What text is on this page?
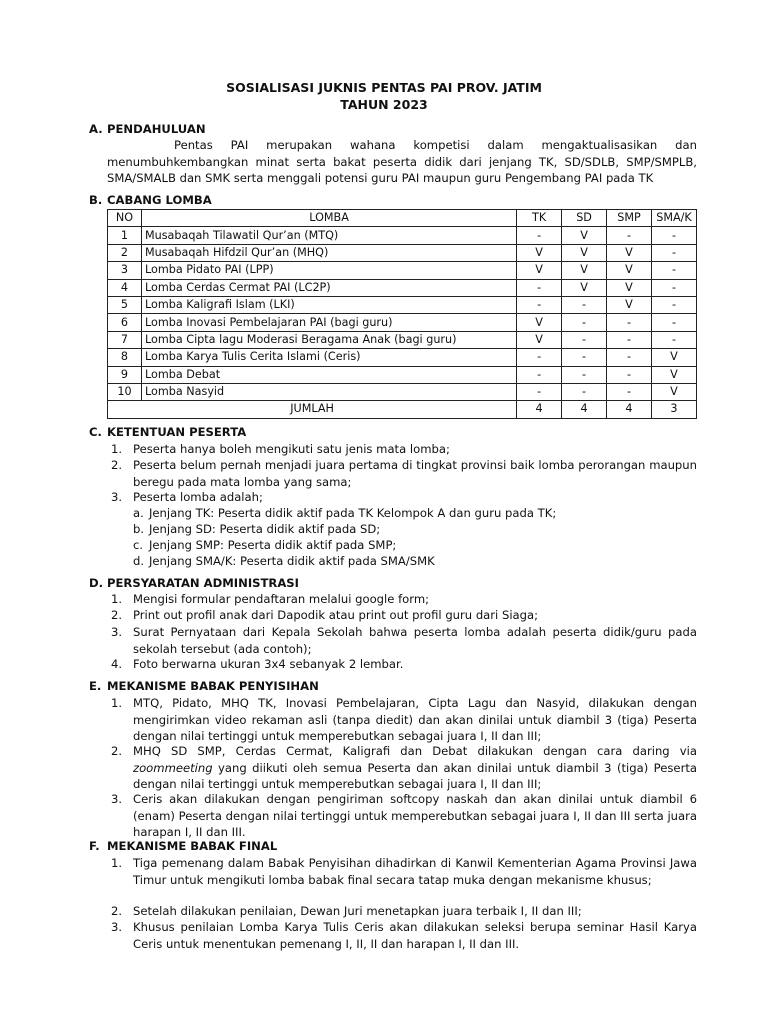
SOSIALISASI JUKNIS PENTAS PAI PROV. JATIM
TAHUN 2023
A. PENDAHULUAN
Pentas PAI merupakan wahana kompetisi dalam mengaktualisasikan dan menumbuhkembangkan minat serta bakat peserta didik dari jenjang TK, SD/SDLB, SMP/SMPLB, SMA/SMALB dan SMK serta menggali potensi guru PAI maupun guru Pengembang PAI pada TK
B. CABANG LOMBA
NO	LOMBA	TK	SD	SMP	SMA/K
1	Musabaqah Tilawatil Qur’an (MTQ)	-	V	-	-
2	Musabaqah Hifdzil Qur’an (MHQ)	V	V	V	-
3	Lomba Pidato PAI (LPP)	V	V	V	-
4	Lomba Cerdas Cermat PAI (LC2P)	-	V	V	-
5	Lomba Kaligrafi Islam (LKI)	-	-	V	-
6	Lomba Inovasi Pembelajaran PAI (bagi guru)	V	-	-	-
7	Lomba Cipta lagu Moderasi Beragama Anak (bagi guru)	V	-	-	-
8	Lomba Karya Tulis Cerita Islami (Ceris)	-	-	-	V
9	Lomba Debat	-	-	-	V
10	Lomba Nasyid	-	-	-	V
JUMLAH		4	4	4	3
C. KETENTUAN PESERTA
1. Peserta hanya boleh mengikuti satu jenis mata lomba;
2. Peserta belum pernah menjadi juara pertama di tingkat provinsi baik lomba perorangan maupun beregu pada mata lomba yang sama;
3. Peserta lomba adalah;
a. Jenjang TK: Peserta didik aktif pada TK Kelompok A dan guru pada TK;
b. Jenjang SD: Peserta didik aktif pada SD;
c. Jenjang SMP: Peserta didik aktif pada SMP;
d. Jenjang SMA/K: Peserta didik aktif pada SMA/SMK
D. PERSYARATAN ADMINISTRASI
1. Mengisi formular pendaftaran melalui google form;
2. Print out profil anak dari Dapodik atau print out profil guru dari Siaga;
3. Surat Pernyataan dari Kepala Sekolah bahwa peserta lomba adalah peserta didik/guru pada sekolah tersebut (ada contoh);
4. Foto berwarna ukuran 3x4 sebanyak 2 lembar.
E. MEKANISME BABAK PENYISIHAN
1. MTQ, Pidato, MHQ TK, Inovasi Pembelajaran, Cipta Lagu dan Nasyid, dilakukan dengan mengirimkan video rekaman asli (tanpa diedit) dan akan dinilai untuk diambil 3 (tiga) Peserta dengan nilai tertinggi untuk memperebutkan sebagai juara I, II dan III;
2. MHQ SD SMP, Cerdas Cermat, Kaligrafi dan Debat dilakukan dengan cara daring via zoommeeting yang diikuti oleh semua Peserta dan akan dinilai untuk diambil 3 (tiga) Peserta dengan nilai tertinggi untuk memperebutkan sebagai juara I, II dan III;
3. Ceris akan dilakukan dengan pengiriman softcopy naskah dan akan dinilai untuk diambil 6 (enam) Peserta dengan nilai tertinggi untuk memperebutkan sebagai juara I, II dan III serta juara harapan I, II dan III.
F. MEKANISME BABAK FINAL
1. Tiga pemenang dalam Babak Penyisihan dihadirkan di Kanwil Kementerian Agama Provinsi Jawa Timur untuk mengikuti lomba babak final secara tatap muka dengan mekanisme khusus;
2. Setelah dilakukan penilaian, Dewan Juri menetapkan juara terbaik I, II dan III;
3. Khusus penilaian Lomba Karya Tulis Ceris akan dilakukan seleksi berupa seminar Hasil Karya Ceris untuk menentukan pemenang I, II, II dan harapan I, II dan III.
